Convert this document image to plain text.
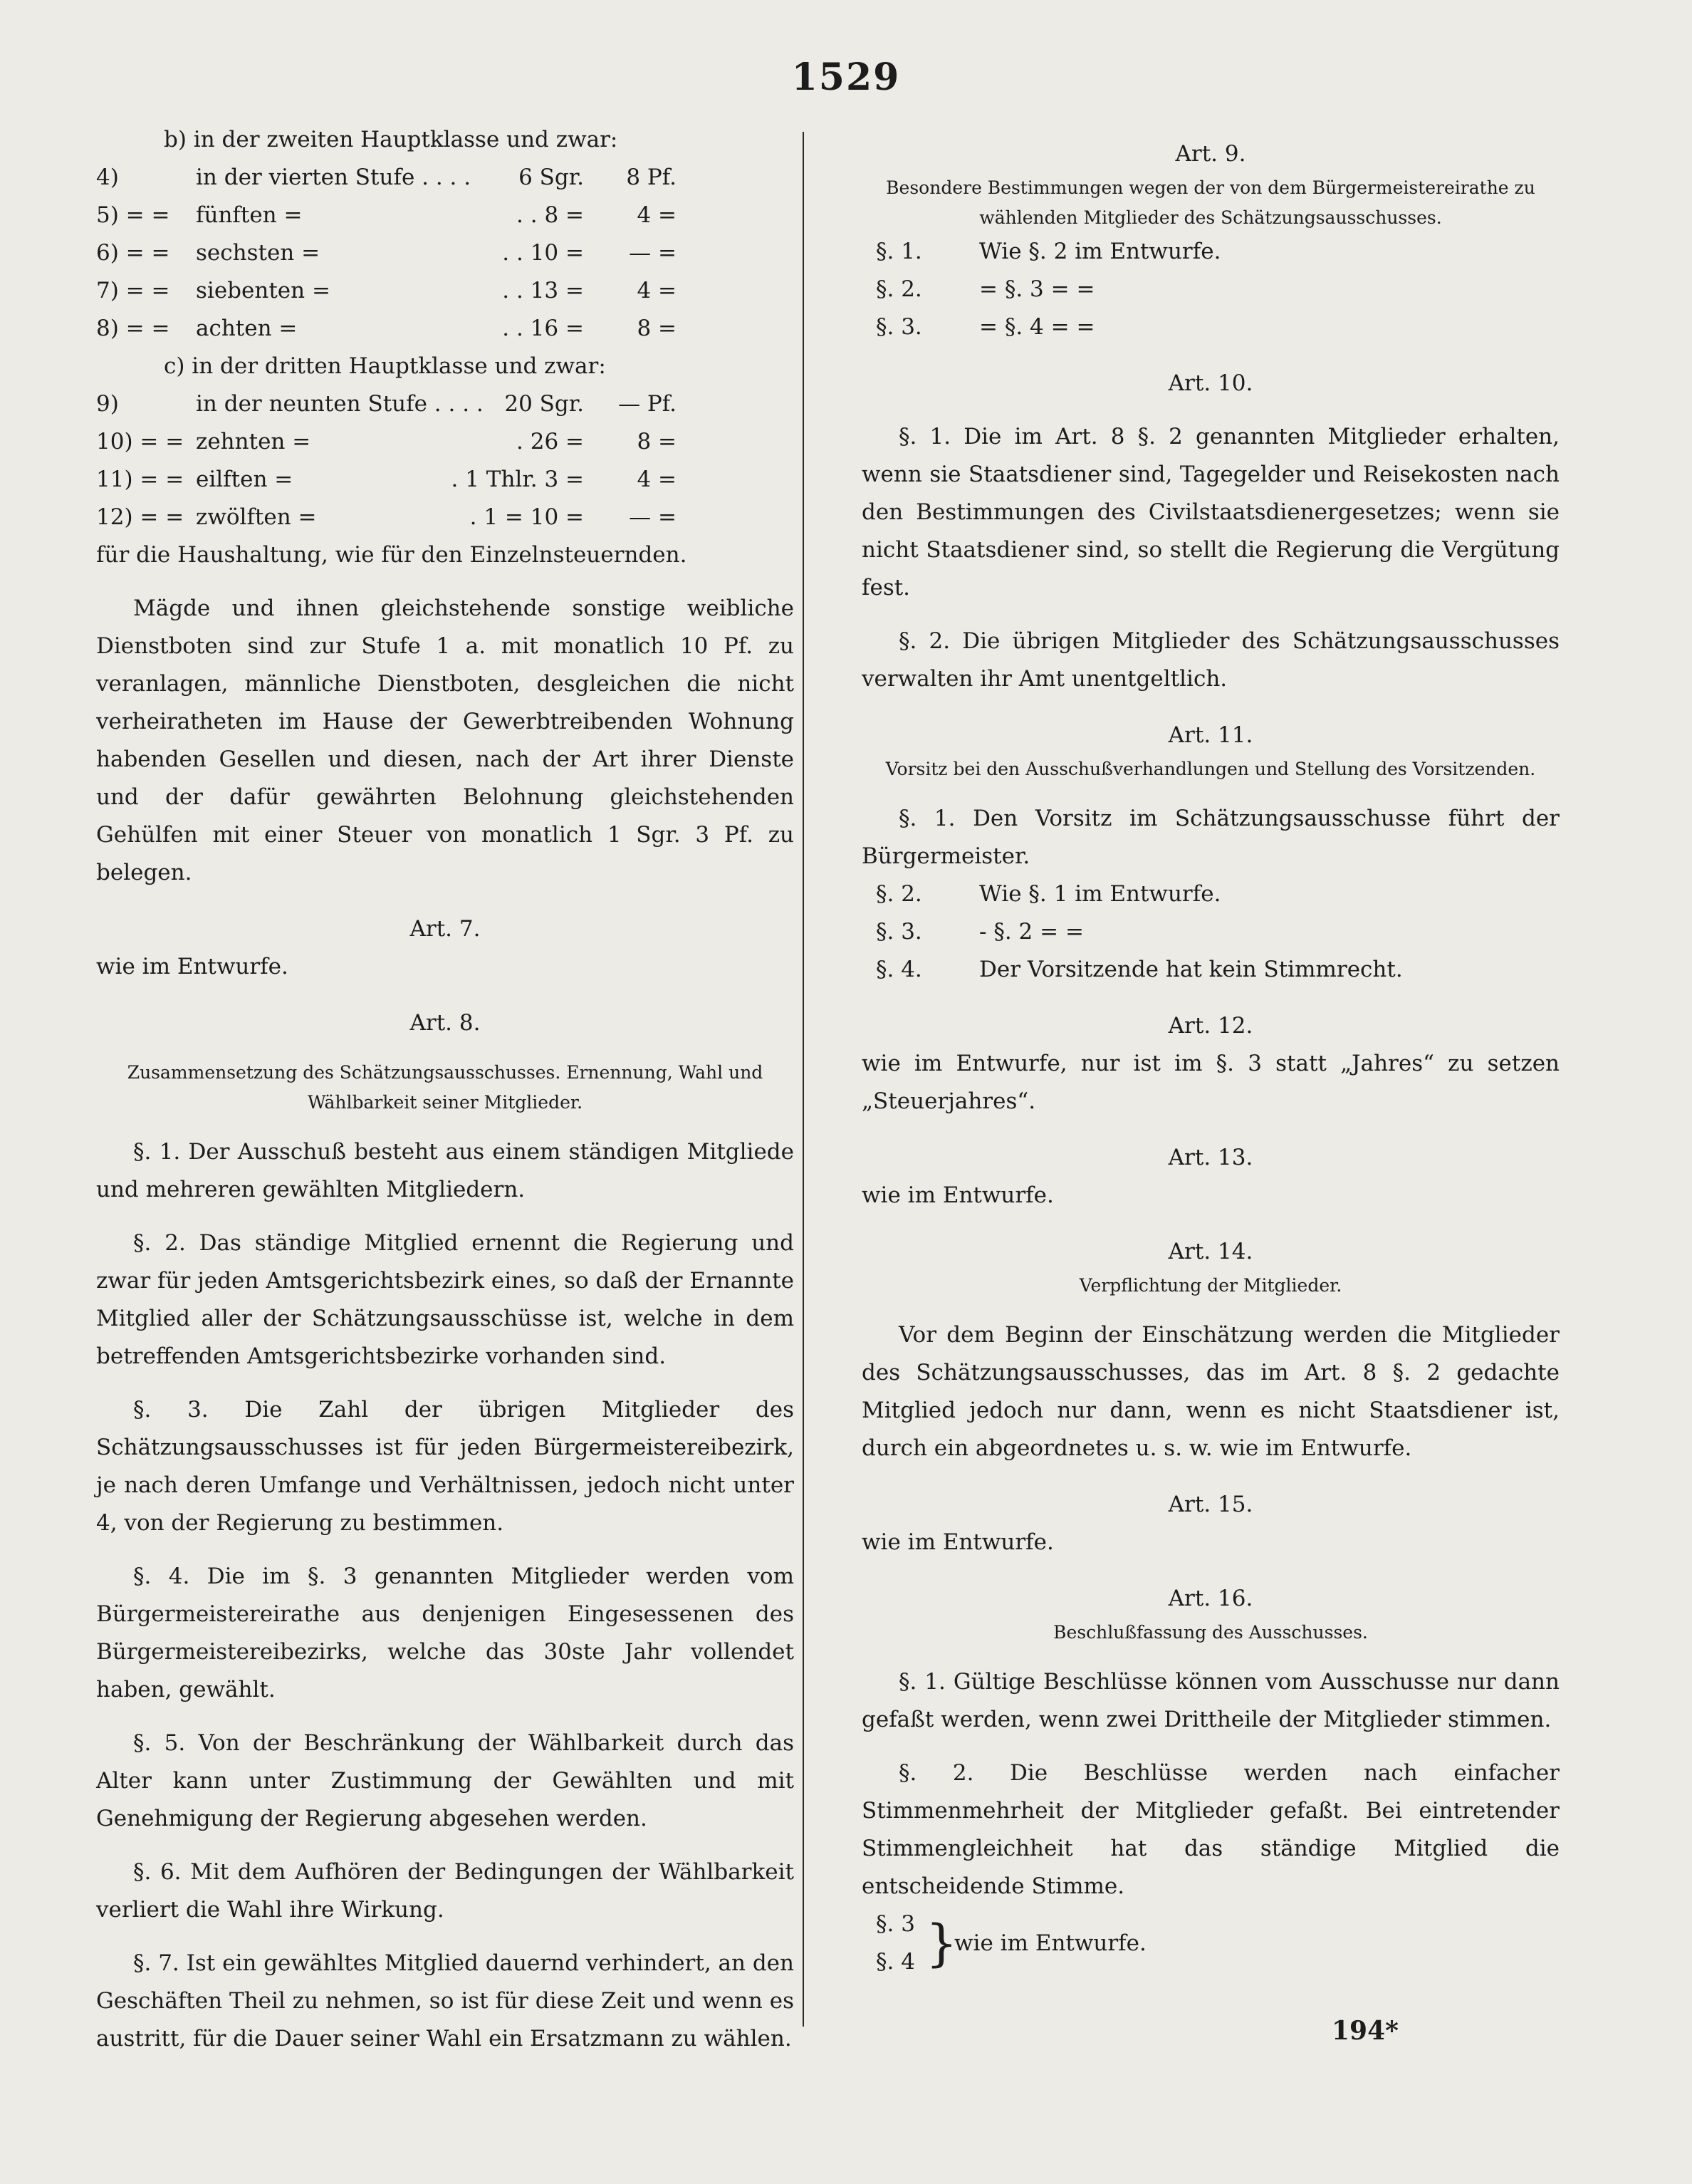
1529

b) in der zweiten Hauptklasse und zwar:

4)	in der vierten Stufe . . . .	6 Sgr.	8 Pf.
5) = =	fünften =	. . 8 =	4 =
6) = =	sechsten =	. . 10 =	— =
7) = =	siebenten =	. . 13 =	4 =
8) = =	achten =	. . 16 =	8 =

c) in der dritten Hauptklasse und zwar:

9)	in der neunten Stufe . . . . 20 Sgr.	— Pf.
10) = = zehnten =	. 26 =	8 =
11) = = eilften =	. 1 Thlr. 3 =	4 =
12) = = zwölften =	. 1 = 10 =	— =

für die Haushaltung, wie für den Einzelnsteuernden.

Mägde und ihnen gleichstehende sonstige weibliche Dienstboten sind zur Stufe 1 a. mit monatlich 10 Pf. zu veranlagen, männliche Dienstboten, desgleichen die nicht verheiratheten im Hause der Gewerbtreibenden Wohnung habenden Gesellen und diesen, nach der Art ihrer Dienste und der dafür gewährten Belohnung gleichstehenden Gehülfen mit einer Steuer von monatlich 1 Sgr. 3 Pf. zu belegen.

Art. 7.

wie im Entwurfe.

Art. 8.

Zusammensetzung des Schätzungsausschusses. Ernennung, Wahl und Wählbarkeit seiner Mitglieder.

§. 1. Der Ausschuß besteht aus einem ständigen Mitgliede und mehreren gewählten Mitgliedern.

§. 2. Das ständige Mitglied ernennt die Regierung und zwar für jeden Amtsgerichtsbezirk eines, so daß der Ernannte Mitglied aller der Schätzungsausschüsse ist, welche in dem betreffenden Amtsgerichtsbezirke vorhanden sind.

§. 3. Die Zahl der übrigen Mitglieder des Schätzungsausschusses ist für jeden Bürgermeistereibezirk, je nach deren Umfange und Verhältnissen, jedoch nicht unter 4, von der Regierung zu bestimmen.

§. 4. Die im §. 3 genannten Mitglieder werden vom Bürgermeistereirathe aus denjenigen Eingesessenen des Bürgermeistereibezirks, welche das 30ste Jahr vollendet haben, gewählt.

§. 5. Von der Beschränkung der Wählbarkeit durch das Alter kann unter Zustimmung der Gewählten und mit Genehmigung der Regierung abgesehen werden.

§. 6. Mit dem Aufhören der Bedingungen der Wählbarkeit verliert die Wahl ihre Wirkung.

§. 7. Ist ein gewähltes Mitglied dauernd verhindert, an den Geschäften Theil zu nehmen, so ist für diese Zeit und wenn es austritt, für die Dauer seiner Wahl ein Ersatzmann zu wählen.

Art. 9.

Besondere Bestimmungen wegen der von dem Bürgermeistereirathe zu wählenden Mitglieder des Schätzungsausschusses.

§. 1.	Wie §. 2 im Entwurfe.
§. 2.	= §. 3 = =
§. 3.	= §. 4 = =

Art. 10.

§. 1. Die im Art. 8 §. 2 genannten Mitglieder erhalten, wenn sie Staatsdiener sind, Tagegelder und Reisekosten nach den Bestimmungen des Civilstaatsdienergesetzes; wenn sie nicht Staatsdiener sind, so stellt die Regierung die Vergütung fest.

§. 2. Die übrigen Mitglieder des Schätzungsausschusses verwalten ihr Amt unentgeltlich.

Art. 11.

Vorsitz bei den Ausschußverhandlungen und Stellung des Vorsitzenden.

§. 1. Den Vorsitz im Schätzungsausschusse führt der Bürgermeister.

§. 2.	Wie §. 1 im Entwurfe.
§. 3.	- §. 2 = =
§. 4.	Der Vorsitzende hat kein Stimmrecht.

Art. 12.

wie im Entwurfe, nur ist im §. 3 statt „Jahres“ zu setzen „Steuerjahres“.

Art. 13.

wie im Entwurfe.

Art. 14.

Verpflichtung der Mitglieder.

Vor dem Beginn der Einschätzung werden die Mitglieder des Schätzungsausschusses, das im Art. 8 §. 2 gedachte Mitglied jedoch nur dann, wenn es nicht Staatsdiener ist, durch ein abgeordnetes u. s. w. wie im Entwurfe.

Art. 15.

wie im Entwurfe.

Art. 16.

Beschlußfassung des Ausschusses.

§. 1. Gültige Beschlüsse können vom Ausschusse nur dann gefaßt werden, wenn zwei Drittheile der Mitglieder stimmen.

§. 2. Die Beschlüsse werden nach einfacher Stimmenmehrheit der Mitglieder gefaßt. Bei eintretender Stimmengleichheit hat das ständige Mitglied die entscheidende Stimme.

§. 3
§. 4 }
wie im Entwurfe.
194*
